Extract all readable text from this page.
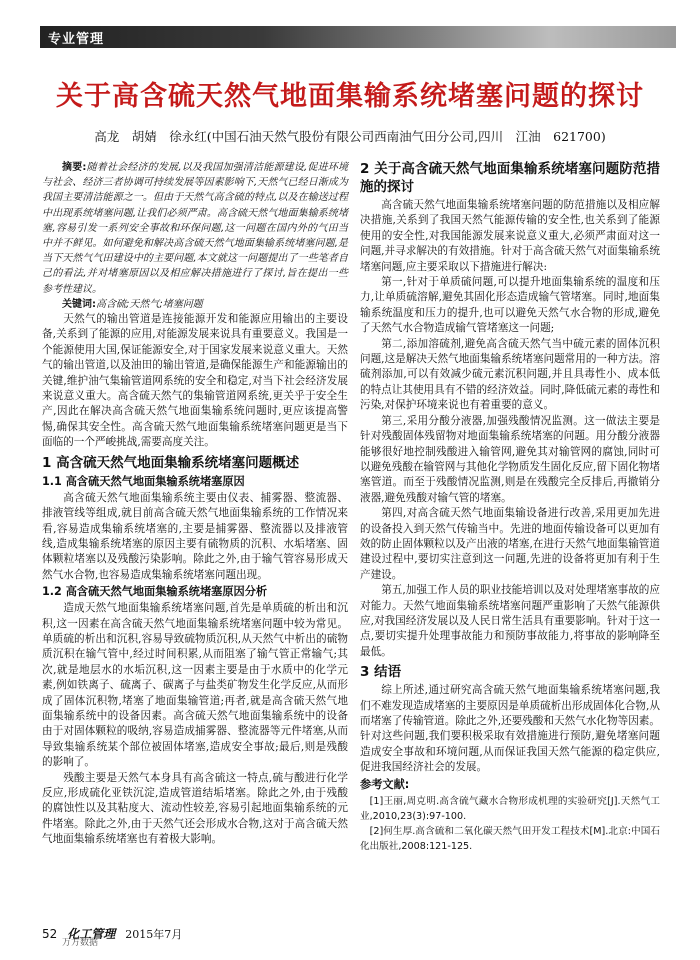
专业管理
关于高含硫天然气地面集输系统堵塞问题的探讨
高龙　胡婧　徐永红(中国石油天然气股份有限公司西南油气田分公司,四川　江油　621700)

摘要:随着社会经济的发展,以及我国加强清洁能源建设,促进环境与社会、经济三者协调可持续发展等因素影响下,天然气已经日渐成为我国主要清洁能源之一。但由于天然气高含硫的特点,以及在输送过程中出现系统堵塞问题,让我们必须严肃。高含硫天然气地面集输系统堵塞,容易引发一系列安全事故和环保问题,这一问题在国内外的气田当中并不鲜见。如何避免和解决高含硫天然气地面集输系统堵塞问题,是当下天然气气田建设中的主要问题,本文就这一问题提出了一些笔者自己的看法,并对堵塞原因以及相应解决措施进行了探讨,旨在提出一些参考性建议。

关键词:高含硫;天然气;堵塞问题

天然气的输出管道是连接能源开发和能源应用输出的主要设备,关系到了能源的应用,对能源发展来说具有重要意义。我国是一个能源使用大国,保证能源安全,对于国家发展来说意义重大。天然气的输出管道,以及油田的输出管道,是确保能源生产和能源输出的关键,维护油气集输管道网系统的安全和稳定,对当下社会经济发展来说意义重大。高含硫天然气的集输管道网系统,更关乎于安全生产,因此在解决高含硫天然气地面集输系统问题时,更应该提高警惕,确保其安全性。高含硫天然气地面集输系统堵塞问题更是当下面临的一个严峻挑战,需要高度关注。

1 高含硫天然气地面集输系统堵塞问题概述
1.1 高含硫天然气地面集输系统堵塞原因

高含硫天然气地面集输系统主要由仪表、捕雾器、整流器、排液管线等组成,就目前高含硫天然气地面集输系统的工作情况来看,容易造成集输系统堵塞的,主要是捕雾器、整流器以及排液管线,造成集输系统堵塞的原因主要有硫物质的沉积、水垢堵塞、固体颗粒堵塞以及残酸污染影响。除此之外,由于输气管容易形成天然气水合物,也容易造成集输系统堵塞问题出现。

1.2 高含硫天然气地面集输系统堵塞原因分析

造成天然气地面集输系统堵塞问题,首先是单质硫的析出和沉积,这一因素在高含硫天然气地面集输系统堵塞问题中较为常见。单质硫的析出和沉积,容易导致硫物质沉积,从天然气中析出的硫物质沉积在输气管中,经过时间积累,从而阻塞了输气管正常输气;其次,就是地层水的水垢沉积,这一因素主要是由于水质中的化学元素,例如铁离子、硫离子、碳离子与盐类矿物发生化学反应,从而形成了固体沉积物,堵塞了地面集输管道;再者,就是高含硫天然气地面集输系统中的设备因素。高含硫天然气地面集输系统中的设备由于对固体颗粒的吸纳,容易造成捕雾器、整流器等元件堵塞,从而导致集输系统某个部位被固体堵塞,造成安全事故;最后,则是残酸的影响了。

残酸主要是天然气本身具有高含硫这一特点,硫与酸进行化学反应,形成硫化亚铁沉淀,造成管道结垢堵塞。除此之外,由于残酸的腐蚀性以及其粘度大、流动性较差,容易引起地面集输系统的元件堵塞。除此之外,由于天然气还会形成水合物,这对于高含硫天然气地面集输系统堵塞也有着极大影响。

2 关于高含硫天然气地面集输系统堵塞问题防范措施的探讨

高含硫天然气地面集输系统堵塞问题的防范措施以及相应解决措施,关系到了我国天然气能源传输的安全性,也关系到了能源使用的安全性,对我国能源发展来说意义重大,必须严肃面对这一问题,并寻求解决的有效措施。针对于高含硫天然气对面集输系统堵塞问题,应主要采取以下措施进行解决:

第一,针对于单质硫问题,可以提升地面集输系统的温度和压力,让单质硫溶解,避免其固化形态造成输气管堵塞。同时,地面集输系统温度和压力的提升,也可以避免天然气水合物的形成,避免了天然气水合物造成输气管堵塞这一问题;

第二,添加溶硫剂,避免高含硫天然气当中硫元素的固体沉积问题,这是解决天然气地面集输系统堵塞问题常用的一种方法。溶硫剂添加,可以有效减少硫元素沉积问题,并且具毒性小、成本低的特点让其使用具有不错的经济效益。同时,降低硫元素的毒性和污染,对保护环境来说也有着重要的意义。

第三,采用分酸分液器,加强残酸情况监测。这一做法主要是针对残酸固体残留物对地面集输系统堵塞的问题。用分酸分液器能够很好地控制残酸进入输管网,避免其对输管网的腐蚀,同时可以避免残酸在输管网与其他化学物质发生固化反应,留下固化物堵塞管道。而至于残酸情况监测,则是在残酸完全反排后,再撤销分液器,避免残酸对输气管的堵塞。

第四,对高含硫天然气地面集输设备进行改善,采用更加先进的设备投入到天然气传输当中。先进的地面传输设备可以更加有效的防止固体颗粒以及产出液的堵塞,在进行天然气地面集输管道建设过程中,要切实注意到这一问题,先进的设备将更加有利于生产建设。

第五,加强工作人员的职业技能培训以及对处理堵塞事故的应对能力。天然气地面集输系统堵塞问题严重影响了天然气能源供应,对我国经济发展以及人民日常生活具有重要影响。针对于这一点,要切实提升处理事故能力和预防事故能力,将事故的影响降至最低。

3 结语

综上所述,通过研究高含硫天然气地面集输系统堵塞问题,我们不难发现造成堵塞的主要原因是单质硫析出形成固体化合物,从而堵塞了传输管道。除此之外,还要残酸和天然气水化物等因素。针对这些问题,我们要积极采取有效措施进行预防,避免堵塞问题造成安全事故和环境问题,从而保证我国天然气能源的稳定供应,促进我国经济社会的发展。

参考文献:

[1]王丽,周克明.高含硫气藏水合物形成机理的实验研究[J].天然气工业,2010,23(3):97-100.

[2]何生厚.高含硫和二氧化碳天然气田开发工程技术[M].北京:中国石化出版社,2008:121-125.

52 化工管理 2015年7月
万方数据
